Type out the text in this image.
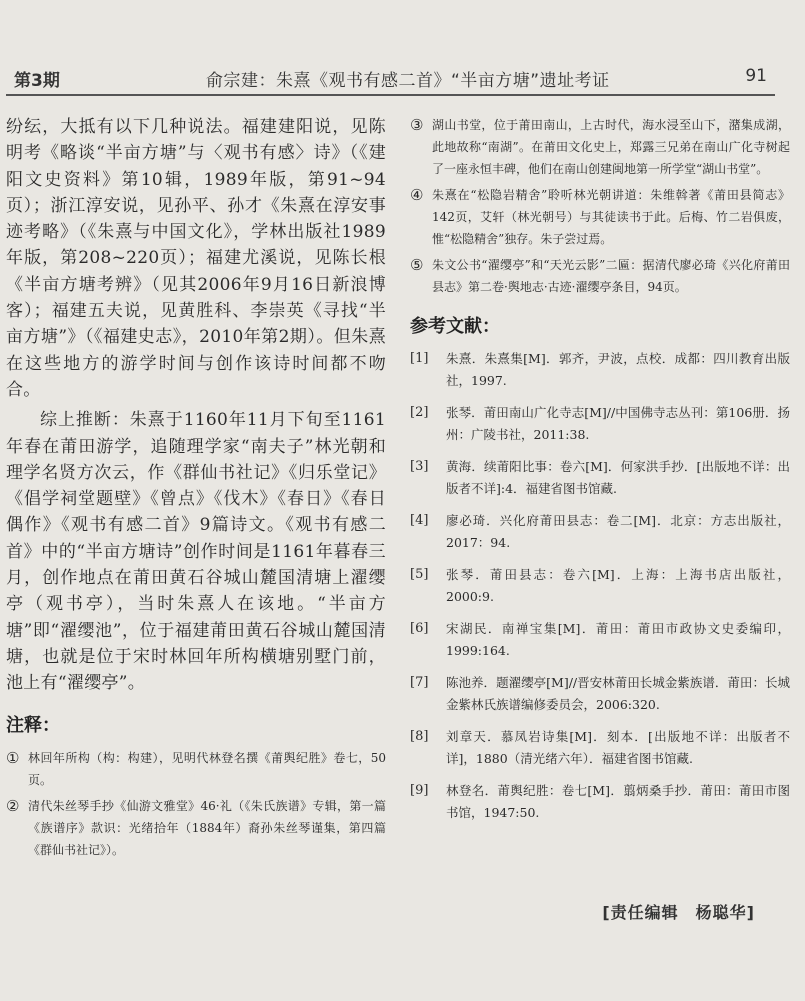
第3期	俞宗建：朱熹《观书有感二首》“半亩方塘”遗址考证	91

纷纭，大抵有以下几种说法。福建建阳说，见陈明考《略谈“半亩方塘”与〈观书有感〉诗》（《建阳文史资料》第10辑，1989年版，第91~94页）；浙江淳安说，见孙平、孙才《朱熹在淳安事迹考略》（《朱熹与中国文化》，学林出版社1989年版，第208~220页）；福建尤溪说，见陈长根《半亩方塘考辨》（见其2006年9月16日新浪博客）；福建五夫说，见黄胜科、李崇英《寻找“半亩方塘”》（《福建史志》，2010年第2期）。但朱熹在这些地方的游学时间与创作该诗时间都不吻合。

综上推断：朱熹于1160年11月下旬至1161年春在莆田游学，追随理学家“南夫子”林光朝和理学名贤方次云，作《群仙书社记》《归乐堂记》《倡学祠堂题壁》《曾点》《伐木》《春日》《春日偶作》《观书有感二首》9篇诗文。《观书有感二首》中的“半亩方塘诗”创作时间是1161年暮春三月，创作地点在莆田黄石谷城山麓国清塘上濯缨亭（观书亭），当时朱熹人在该地。“半亩方塘”即“濯缨池”，位于福建莆田黄石谷城山麓国清塘，也就是位于宋时林回年所构横塘别墅门前，池上有“濯缨亭”。

注释：
① 林回年所构（构：构建），见明代林登名撰《莆舆纪胜》卷七，50页。
② 清代朱丝琴手抄《仙游文雅堂》46·礼（《朱氏族谱》专辑，第一篇《族谱序》款识：光绪拾年（1884年）裔孙朱丝琴谨集，第四篇《群仙书社记》）。
③ 湖山书堂，位于莆田南山，上古时代，海水浸至山下，潴集成湖，此地故称“南湖”。在莆田文化史上，郑露三兄弟在南山广化寺树起了一座永恒丰碑，他们在南山创建闽地第一所学堂“湖山书堂”。
④ 朱熹在“松隐岩精舍”聆听林光朝讲道：朱维斡著《莆田县简志》142页，艾轩（林光朝号）与其徒读书于此。后梅、竹二岩俱废，惟“松隐精舍”独存。朱子尝过焉。
⑤ 朱文公书“濯缨亭”和“天光云影”二匾：据清代廖必琦《兴化府莆田县志》第二卷·舆地志·古迹·濯缨亭条目，94页。
参考文献：
[1]	朱熹．朱熹集[M]．郭齐，尹波，点校．成都：四川教育出版社，1997.
[2]	张琴．莆田南山广化寺志[M]//中国佛寺志丛刊：第106册．扬州：广陵书社，2011:38.
[3]	黄海．续莆阳比事：卷六[M]．何家洪手抄．[出版地不详：出版者不详]:4．福建省图书馆藏.
[4]	廖必琦．兴化府莆田县志：卷二[M]．北京：方志出版社，2017：94.
[5]	张琴．莆田县志：卷六[M]．上海：上海书店出版社，2000:9.
[6]	宋湖民．南禅宝集[M]．莆田：莆田市政协文史委编印，1999:164.
[7]	陈池养．题濯缨亭[M]//晋安林莆田长城金紫族谱．莆田：长城金紫林氏族谱编修委员会，2006:320.
[8]	刘章天．慕凤岩诗集[M]．刻本．[出版地不详：出版者不详]，1880（清光绪六年）．福建省图书馆藏.
[9]	林登名．莆舆纪胜：卷七[M]．翦炳桑手抄．莆田：莆田市图书馆，1947:50.
[责任编辑　杨聪华]
